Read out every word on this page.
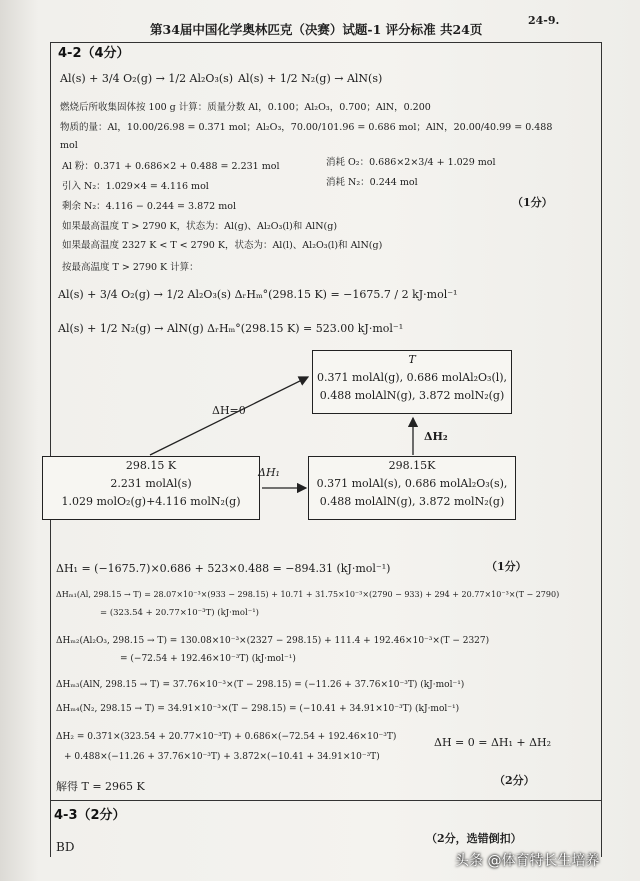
第34届中国化学奥林匹克（决赛）试题-1 评分标准 共24页
24-9.
4-2（4分）
Al(s) + 3/4 O₂(g) → 1/2 Al₂O₃(s) Al(s) + 1/2 N₂(g) → AlN(s)
燃烧后所收集固体按 100 g 计算：质量分数 Al，0.100；Al₂O₃，0.700；AlN，0.200
物质的量：Al，10.00/26.98 = 0.371 mol；Al₂O₃，70.00/101.96 = 0.686 mol；AlN，20.00/40.99 = 0.488
mol
Al 粉：0.371 + 0.686×2 + 0.488 = 2.231 mol	消耗 O₂：0.686×2×3/4 + 1.029 mol
引入 N₂：1.029×4 = 4.116 mol	消耗 N₂：0.244 mol
剩余 N₂：4.116 − 0.244 = 3.872 mol	（1分）
如果最高温度 T > 2790 K，状态为：Al(g)、Al₂O₃(l)和 AlN(g)
如果最高温度 2327 K < T < 2790 K，状态为：Al(l)、Al₂O₃(l)和 AlN(g)
按最高温度 T > 2790 K 计算：
Al(s) + 3/4 O₂(g) → 1/2 Al₂O₃(s) ΔᵣHₘ°(298.15 K) = −1675.7 / 2 kJ·mol⁻¹
Al(s) + 1/2 N₂(g) → AlN(g) ΔᵣHₘ°(298.15 K) = 523.00 kJ·mol⁻¹
T
0.371 molAl(g), 0.686 molAl₂O₃(l),
0.488 molAlN(g), 3.872 molN₂(g)
298.15 K
2.231 molAl(s)
1.029 molO₂(g)+4.116 molN₂(g)
298.15K
0.371 molAl(s), 0.686 molAl₂O₃(s),
0.488 molAlN(g), 3.872 molN₂(g)
ΔH=0
ΔH₁
ΔH₂
ΔH₁ = (−1675.7)×0.686 + 523×0.488 = −894.31 (kJ·mol⁻¹)	（1分）
ΔHₘ₁(Al, 298.15 → T) = 28.07×10⁻³×(933 − 298.15) + 10.71 + 31.75×10⁻³×(2790 − 933) + 294 + 20.77×10⁻³×(T − 2790)
= (323.54 + 20.77×10⁻³T) (kJ·mol⁻¹)
ΔHₘ₂(Al₂O₃, 298.15 → T) = 130.08×10⁻³×(2327 − 298.15) + 111.4 + 192.46×10⁻³×(T − 2327)
= (−72.54 + 192.46×10⁻³T) (kJ·mol⁻¹)
ΔHₘ₃(AlN, 298.15 → T) = 37.76×10⁻³×(T − 298.15) = (−11.26 + 37.76×10⁻³T) (kJ·mol⁻¹)
ΔHₘ₄(N₂, 298.15 → T) = 34.91×10⁻³×(T − 298.15) = (−10.41 + 34.91×10⁻³T) (kJ·mol⁻¹)
ΔH₂ = 0.371×(323.54 + 20.77×10⁻³T) + 0.686×(−72.54 + 192.46×10⁻³T)
+ 0.488×(−11.26 + 37.76×10⁻³T) + 3.872×(−10.41 + 34.91×10⁻³T)
ΔH = 0 = ΔH₁ + ΔH₂
解得 T = 2965 K	（2分）
4-3（2分）
BD
（2分，选错倒扣）
头条 @体育特长生培养
